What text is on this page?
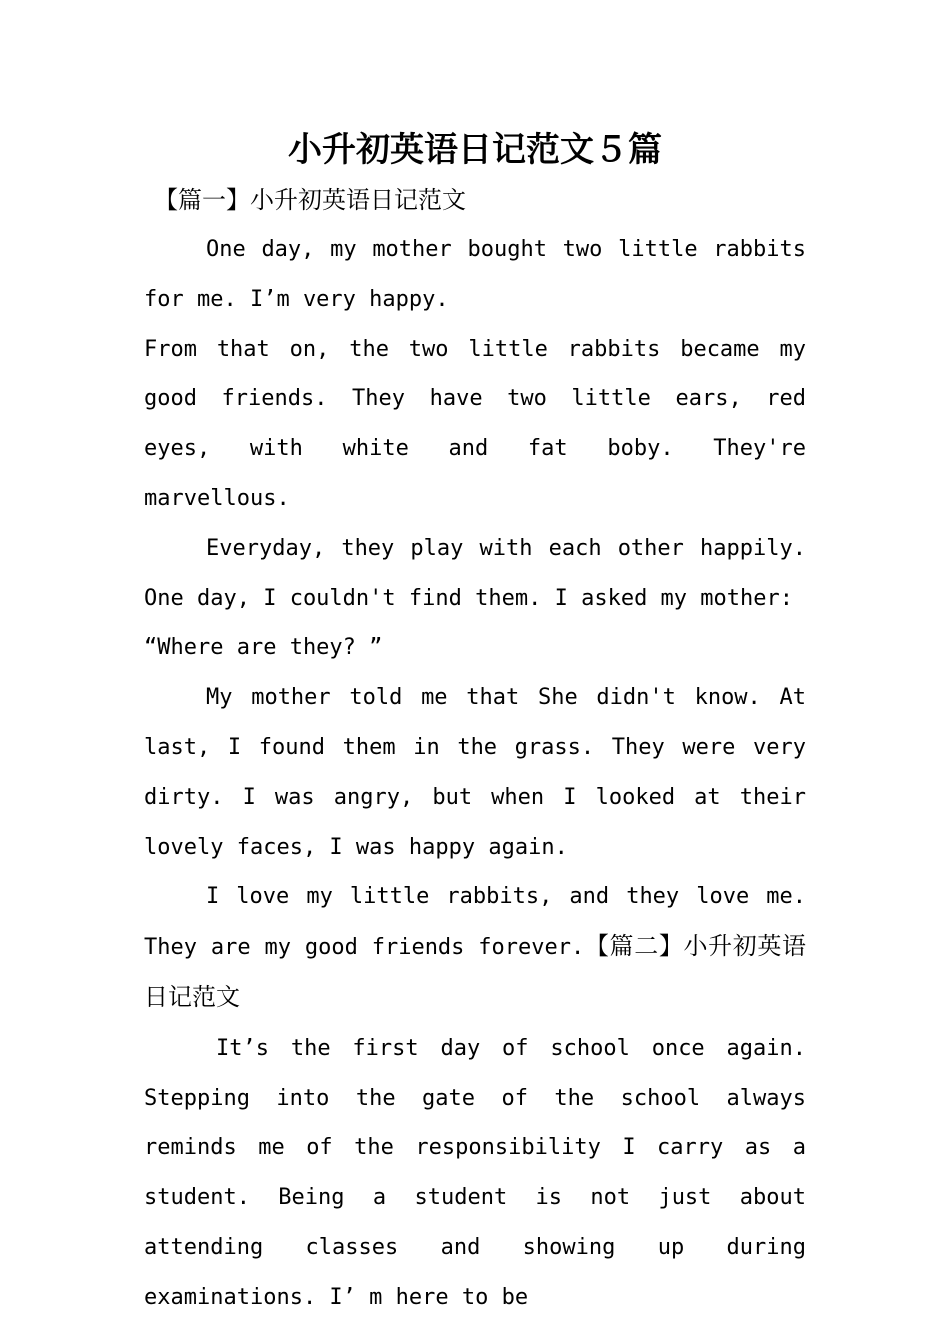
小升初英语日记范文５篇
【篇一】小升初英语日记范文

One day, my mother bought two little rabbits for me. I’m very happy.

From that on, the two little rabbits became my good friends. They have two little ears, red eyes, with white and fat boby. They're marvellous.

Everyday, they play with each other happily. One day, I couldn't find them. I asked my mother:

“Where are they? ”

My mother told me that She didn't know. At last, I found them in the grass. They were very dirty. I was angry, but when I looked at their lovely faces, I was happy again.

I love my little rabbits, and they love me. They are my good friends forever.【篇二】小升初英语日记范文

It’s the first day of school once again. Stepping into the gate of the school always reminds me of the responsibility I carry as a student. Being a student is not just about attending classes and showing up during examinations. I’ m here to be
